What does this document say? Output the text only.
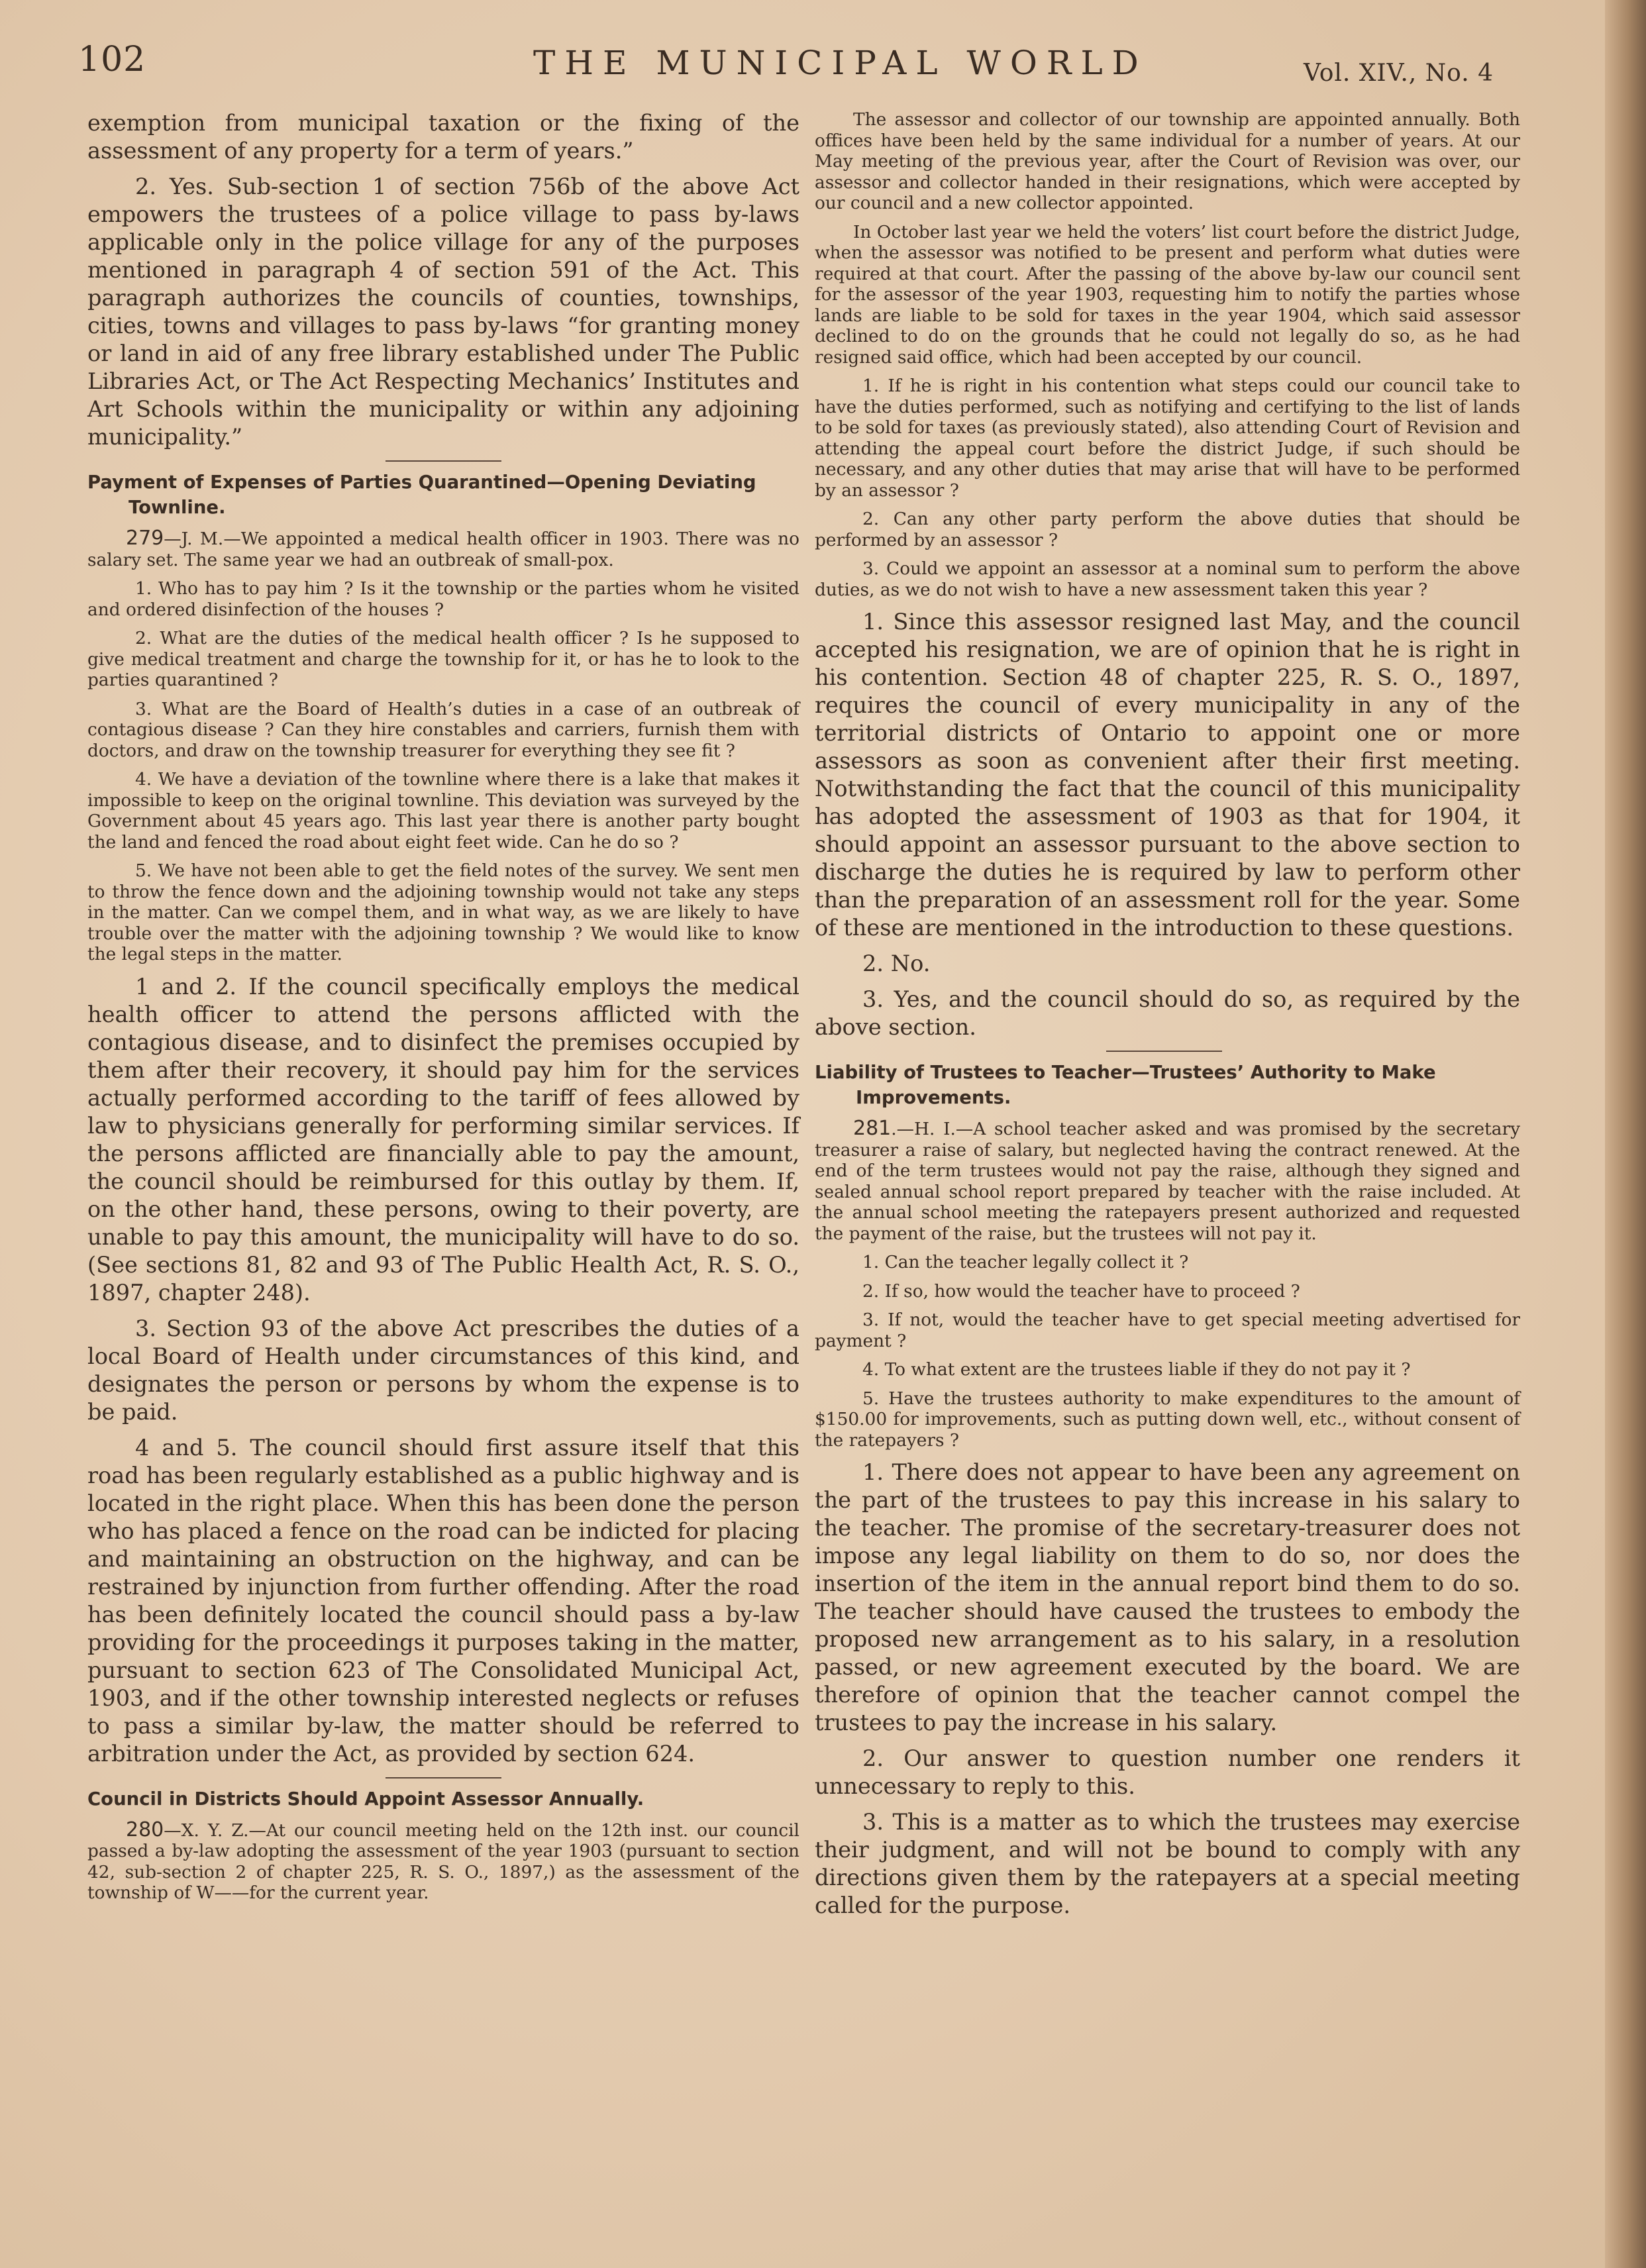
102	THE MUNICIPAL WORLD	Vol. XIV., No. 4

exemption from municipal taxation or the fixing of the assessment of any property for a term of years.”

2. Yes. Sub-section 1 of section 756b of the above Act empowers the trustees of a police village to pass by-laws applicable only in the police village for any of the purposes mentioned in paragraph 4 of section 591 of the Act. This paragraph authorizes the councils of counties, townships, cities, towns and villages to pass by-laws “for granting money or land in aid of any free library established under The Public Libraries Act, or The Act Respecting Mechanics’ Institutes and Art Schools within the municipality or within any adjoining municipality.”

Payment of Expenses of Parties Quarantined—Opening Deviating Townline.

279—J. M.—We appointed a medical health officer in 1903. There was no salary set. The same year we had an outbreak of small-pox.

1. Who has to pay him ? Is it the township or the parties whom he visited and ordered disinfection of the houses ?

2. What are the duties of the medical health officer ? Is he supposed to give medical treatment and charge the township for it, or has he to look to the parties quarantined ?

3. What are the Board of Health’s duties in a case of an outbreak of contagious disease ? Can they hire constables and carriers, furnish them with doctors, and draw on the township treasurer for everything they see fit ?

4. We have a deviation of the townline where there is a lake that makes it impossible to keep on the original townline. This deviation was surveyed by the Government about 45 years ago. This last year there is another party bought the land and fenced the road about eight feet wide. Can he do so ?

5. We have not been able to get the field notes of the survey. We sent men to throw the fence down and the adjoining township would not take any steps in the matter. Can we compel them, and in what way, as we are likely to have trouble over the matter with the adjoining township ? We would like to know the legal steps in the matter.

1 and 2. If the council specifically employs the medical health officer to attend the persons afflicted with the contagious disease, and to disinfect the premises occupied by them after their recovery, it should pay him for the services actually performed according to the tariff of fees allowed by law to physicians generally for performing similar services. If the persons afflicted are financially able to pay the amount, the council should be reimbursed for this outlay by them. If, on the other hand, these persons, owing to their poverty, are unable to pay this amount, the municipality will have to do so. (See sections 81, 82 and 93 of The Public Health Act, R. S. O., 1897, chapter 248).

3. Section 93 of the above Act prescribes the duties of a local Board of Health under circumstances of this kind, and designates the person or persons by whom the expense is to be paid.

4 and 5. The council should first assure itself that this road has been regularly established as a public highway and is located in the right place. When this has been done the person who has placed a fence on the road can be indicted for placing and maintaining an obstruction on the highway, and can be restrained by injunction from further offending. After the road has been definitely located the council should pass a by-law providing for the proceedings it purposes taking in the matter, pursuant to section 623 of The Consolidated Municipal Act, 1903, and if the other township interested neglects or refuses to pass a similar by-law, the matter should be referred to arbitration under the Act, as provided by section 624.

Council in Districts Should Appoint Assessor Annually.

280—X. Y. Z.—At our council meeting held on the 12th inst. our council passed a by-law adopting the assessment of the year 1903 (pursuant to section 42, sub-section 2 of chapter 225, R. S. O., 1897,) as the assessment of the township of W——for the current year.

The assessor and collector of our township are appointed annually. Both offices have been held by the same individual for a number of years. At our May meeting of the previous year, after the Court of Revision was over, our assessor and collector handed in their resignations, which were accepted by our council and a new collector appointed.

In October last year we held the voters’ list court before the district Judge, when the assessor was notified to be present and perform what duties were required at that court. After the passing of the above by-law our council sent for the assessor of the year 1903, requesting him to notify the parties whose lands are liable to be sold for taxes in the year 1904, which said assessor declined to do on the grounds that he could not legally do so, as he had resigned said office, which had been accepted by our council.

1. If he is right in his contention what steps could our council take to have the duties performed, such as notifying and certifying to the list of lands to be sold for taxes (as previously stated), also attending Court of Revision and attending the appeal court before the district Judge, if such should be necessary, and any other duties that may arise that will have to be performed by an assessor ?

2. Can any other party perform the above duties that should be performed by an assessor ?

3. Could we appoint an assessor at a nominal sum to perform the above duties, as we do not wish to have a new assessment taken this year ?

1. Since this assessor resigned last May, and the council accepted his resignation, we are of opinion that he is right in his contention. Section 48 of chapter 225, R. S. O., 1897, requires the council of every municipality in any of the territorial districts of Ontario to appoint one or more assessors as soon as convenient after their first meeting. Notwithstanding the fact that the council of this municipality has adopted the assessment of 1903 as that for 1904, it should appoint an assessor pursuant to the above section to discharge the duties he is required by law to perform other than the preparation of an assessment roll for the year. Some of these are mentioned in the introduction to these questions.

2. No.

3. Yes, and the council should do so, as required by the above section.

Liability of Trustees to Teacher—Trustees’ Authority to Make Improvements.

281.—H. I.—A school teacher asked and was promised by the secretary treasurer a raise of salary, but neglected having the contract renewed. At the end of the term trustees would not pay the raise, although they signed and sealed annual school report prepared by teacher with the raise included. At the annual school meeting the ratepayers present authorized and requested the payment of the raise, but the trustees will not pay it.

1. Can the teacher legally collect it ?

2. If so, how would the teacher have to proceed ?

3. If not, would the teacher have to get special meeting advertised for payment ?

4. To what extent are the trustees liable if they do not pay it ?

5. Have the trustees authority to make expenditures to the amount of $150.00 for improvements, such as putting down well, etc., without consent of the ratepayers ?

1. There does not appear to have been any agreement on the part of the trustees to pay this increase in his salary to the teacher. The promise of the secretary-treasurer does not impose any legal liability on them to do so, nor does the insertion of the item in the annual report bind them to do so. The teacher should have caused the trustees to embody the proposed new arrangement as to his salary, in a resolution passed, or new agreement executed by the board. We are therefore of opinion that the teacher cannot compel the trustees to pay the increase in his salary.

2. Our answer to question number one renders it unnecessary to reply to this.

3. This is a matter as to which the trustees may exercise their judgment, and will not be bound to comply with any directions given them by the ratepayers at a special meeting called for the purpose.
